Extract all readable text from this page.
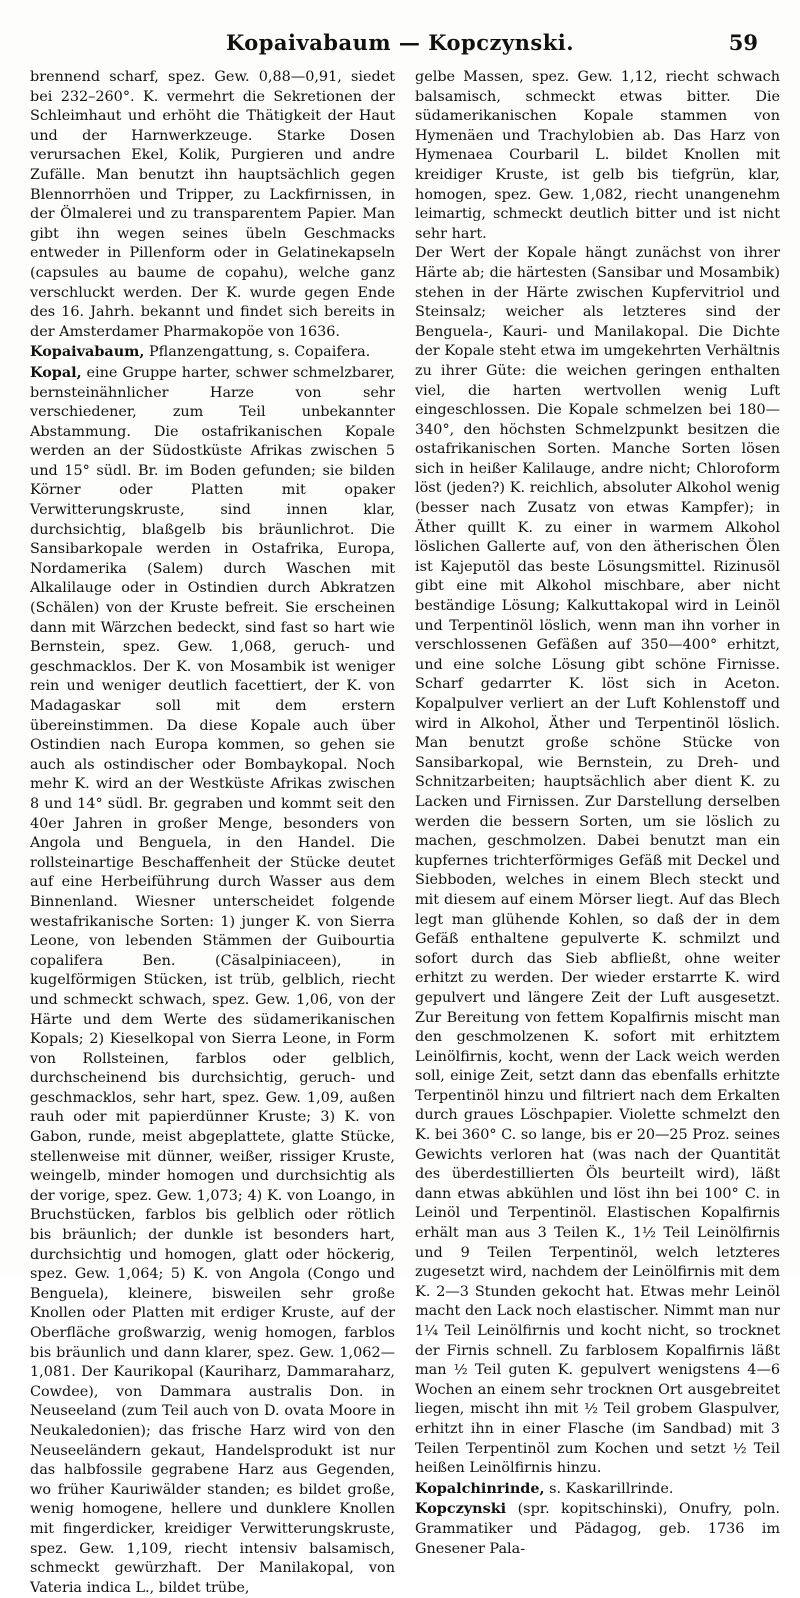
Kopaivabaum — Kopczynski.	59

brennend scharf, spez. Gew. 0,88—0,91, siedet bei 232–260°. K. vermehrt die Sekretionen der Schleimhaut und erhöht die Thätigkeit der Haut und der Harnwerkzeuge. Starke Dosen verursachen Ekel, Kolik, Purgieren und andre Zufälle. Man benutzt ihn hauptsächlich gegen Blennorrhöen und Tripper, zu Lackfirnissen, in der Ölmalerei und zu transparentem Papier. Man gibt ihn wegen seines übeln Geschmacks entweder in Pillenform oder in Gelatinekapseln (capsules au baume de copahu), welche ganz verschluckt werden. Der K. wurde gegen Ende des 16. Jahrh. bekannt und findet sich bereits in der Amsterdamer Pharmakopöe von 1636.

Kopaivabaum, Pflanzengattung, s. Copaifera.

Kopal, eine Gruppe harter, schwer schmelzbarer, bernsteinähnlicher Harze von sehr verschiedener, zum Teil unbekannter Abstammung. Die ostafrikanischen Kopale werden an der Südostküste Afrikas zwischen 5 und 15° südl. Br. im Boden gefunden; sie bilden Körner oder Platten mit opaker Verwitterungskruste, sind innen klar, durchsichtig, blaßgelb bis bräunlichrot. Die Sansibarkopale werden in Ostafrika, Europa, Nordamerika (Salem) durch Waschen mit Alkalilauge oder in Ostindien durch Abkratzen (Schälen) von der Kruste befreit. Sie erscheinen dann mit Wärzchen bedeckt, sind fast so hart wie Bernstein, spez. Gew. 1,068, geruch- und geschmacklos. Der K. von Mosambik ist weniger rein und weniger deutlich facettiert, der K. von Madagaskar soll mit dem erstern übereinstimmen. Da diese Kopale auch über Ostindien nach Europa kommen, so gehen sie auch als ostindischer oder Bombaykopal. Noch mehr K. wird an der Westküste Afrikas zwischen 8 und 14° südl. Br. gegraben und kommt seit den 40er Jahren in großer Menge, besonders von Angola und Benguela, in den Handel. Die rollsteinartige Beschaffenheit der Stücke deutet auf eine Herbeiführung durch Wasser aus dem Binnenland. Wiesner unterscheidet folgende westafrikanische Sorten: 1) junger K. von Sierra Leone, von lebenden Stämmen der Guibourtia copalifera Ben. (Cäsalpiniaceen), in kugelförmigen Stücken, ist trüb, gelblich, riecht und schmeckt schwach, spez. Gew. 1,06, von der Härte und dem Werte des südamerikanischen Kopals; 2) Kieselkopal von Sierra Leone, in Form von Rollsteinen, farblos oder gelblich, durchscheinend bis durchsichtig, geruch- und geschmacklos, sehr hart, spez. Gew. 1,09, außen rauh oder mit papierdünner Kruste; 3) K. von Gabon, runde, meist abgeplattete, glatte Stücke, stellenweise mit dünner, weißer, rissiger Kruste, weingelb, minder homogen und durchsichtig als der vorige, spez. Gew. 1,073; 4) K. von Loango, in Bruchstücken, farblos bis gelblich oder rötlich bis bräunlich; der dunkle ist besonders hart, durchsichtig und homogen, glatt oder höckerig, spez. Gew. 1,064; 5) K. von Angola (Congo und Benguela), kleinere, bisweilen sehr große Knollen oder Platten mit erdiger Kruste, auf der Oberfläche großwarzig, wenig homogen, farblos bis bräunlich und dann klarer, spez. Gew. 1,062—1,081. Der Kaurikopal (Kauriharz, Dammaraharz, Cowdee), von Dammara australis Don. in Neuseeland (zum Teil auch von D. ovata Moore in Neukaledonien); das frische Harz wird von den Neuseeländern gekaut, Handelsprodukt ist nur das halbfossile gegrabene Harz aus Gegenden, wo früher Kauriwälder standen; es bildet große, wenig homogene, hellere und dunklere Knollen mit fingerdicker, kreidiger Verwitterungskruste, spez. Gew. 1,109, riecht intensiv balsamisch, schmeckt gewürzhaft. Der Manilakopal, von Vateria indica L., bildet trübe,

gelbe Massen, spez. Gew. 1,12, riecht schwach balsamisch, schmeckt etwas bitter. Die südamerikanischen Kopale stammen von Hymenäen und Trachylobien ab. Das Harz von Hymenaea Courbaril L. bildet Knollen mit kreidiger Kruste, ist gelb bis tiefgrün, klar, homogen, spez. Gew. 1,082, riecht unangenehm leimartig, schmeckt deutlich bitter und ist nicht sehr hart.

Der Wert der Kopale hängt zunächst von ihrer Härte ab; die härtesten (Sansibar und Mosambik) stehen in der Härte zwischen Kupfervitriol und Steinsalz; weicher als letzteres sind der Benguela-, Kauri- und Manilakopal. Die Dichte der Kopale steht etwa im umgekehrten Verhältnis zu ihrer Güte: die weichen geringen enthalten viel, die harten wertvollen wenig Luft eingeschlossen. Die Kopale schmelzen bei 180—340°, den höchsten Schmelzpunkt besitzen die ostafrikanischen Sorten. Manche Sorten lösen sich in heißer Kalilauge, andre nicht; Chloroform löst (jeden?) K. reichlich, absoluter Alkohol wenig (besser nach Zusatz von etwas Kampfer); in Äther quillt K. zu einer in warmem Alkohol löslichen Gallerte auf, von den ätherischen Ölen ist Kajeputöl das beste Lösungsmittel. Rizinusöl gibt eine mit Alkohol mischbare, aber nicht beständige Lösung; Kalkuttakopal wird in Leinöl und Terpentinöl löslich, wenn man ihn vorher in verschlossenen Gefäßen auf 350—400° erhitzt, und eine solche Lösung gibt schöne Firnisse. Scharf gedarrter K. löst sich in Aceton. Kopalpulver verliert an der Luft Kohlenstoff und wird in Alkohol, Äther und Terpentinöl löslich. Man benutzt große schöne Stücke von Sansibarkopal, wie Bernstein, zu Dreh- und Schnitzarbeiten; hauptsächlich aber dient K. zu Lacken und Firnissen. Zur Darstellung derselben werden die bessern Sorten, um sie löslich zu machen, geschmolzen. Dabei benutzt man ein kupfernes trichterförmiges Gefäß mit Deckel und Siebboden, welches in einem Blech steckt und mit diesem auf einem Mörser liegt. Auf das Blech legt man glühende Kohlen, so daß der in dem Gefäß enthaltene gepulverte K. schmilzt und sofort durch das Sieb abfließt, ohne weiter erhitzt zu werden. Der wieder erstarrte K. wird gepulvert und längere Zeit der Luft ausgesetzt. Zur Bereitung von fettem Kopalfirnis mischt man den geschmolzenen K. sofort mit erhitztem Leinölfirnis, kocht, wenn der Lack weich werden soll, einige Zeit, setzt dann das ebenfalls erhitzte Terpentinöl hinzu und filtriert nach dem Erkalten durch graues Löschpapier. Violette schmelzt den K. bei 360° C. so lange, bis er 20—25 Proz. seines Gewichts verloren hat (was nach der Quantität des überdestillierten Öls beurteilt wird), läßt dann etwas abkühlen und löst ihn bei 100° C. in Leinöl und Terpentinöl. Elastischen Kopalfirnis erhält man aus 3 Teilen K., 1½ Teil Leinölfirnis und 9 Teilen Terpentinöl, welch letzteres zugesetzt wird, nachdem der Leinölfirnis mit dem K. 2—3 Stunden gekocht hat. Etwas mehr Leinöl macht den Lack noch elastischer. Nimmt man nur 1¼ Teil Leinölfirnis und kocht nicht, so trocknet der Firnis schnell. Zu farblosem Kopalfirnis läßt man ½ Teil guten K. gepulvert wenigstens 4—6 Wochen an einem sehr trocknen Ort ausgebreitet liegen, mischt ihn mit ½ Teil grobem Glaspulver, erhitzt ihn in einer Flasche (im Sandbad) mit 3 Teilen Terpentinöl zum Kochen und setzt ½ Teil heißen Leinölfirnis hinzu.

Kopalchinrinde, s. Kaskarillrinde.

Kopczynski (spr. kopitschinski), Onufry, poln. Grammatiker und Pädagog, geb. 1736 im Gnesener Pala-
